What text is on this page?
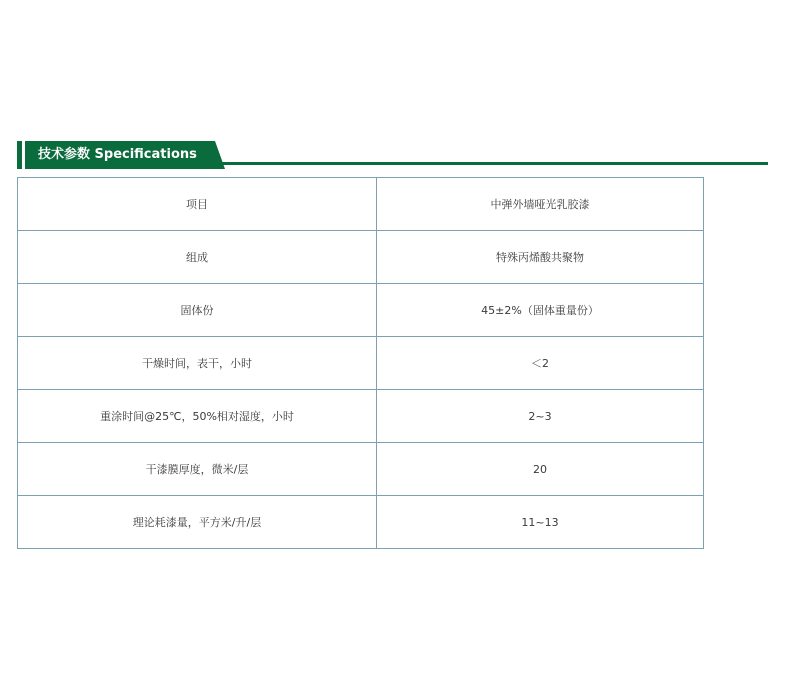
技术参数 Specifications
项目	中弹外墙哑光乳胶漆
组成	特殊丙烯酸共聚物
固体份	45±2%（固体重量份）
干燥时间，表干，小时	＜2
重涂时间@25℃，50%相对湿度，小时	2~3
干漆膜厚度，微米/层	20
理论耗漆量，平方米/升/层	11~13
